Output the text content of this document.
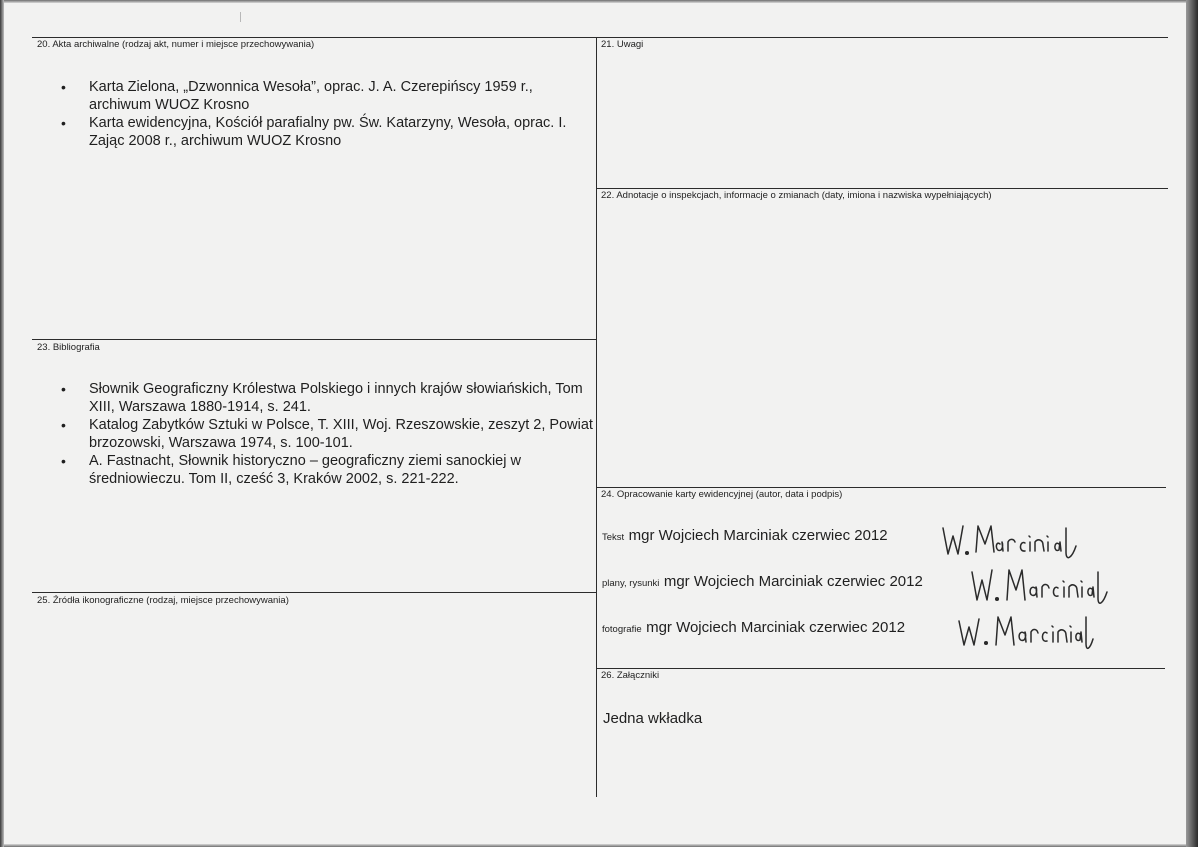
20. Akta archiwalne (rodzaj akt, numer i miejsce przechowywania)
• Karta Zielona, „Dzwonnica Wesoła”, oprac. J. A. Czerepińscy 1959 r., archiwum WUOZ Krosno
• Karta ewidencyjna, Kościół parafialny pw. Św. Katarzyny, Wesoła, oprac. I. Zając 2008 r., archiwum WUOZ Krosno
21. Uwagi
22. Adnotacje o inspekcjach, informacje o zmianach (daty, imiona i nazwiska wypełniających)
23. Bibliografia
• Słownik Geograficzny Królestwa Polskiego i innych krajów słowiańskich, Tom XIII, Warszawa 1880-1914, s. 241.
• Katalog Zabytków Sztuki w Polsce, T. XIII, Woj. Rzeszowskie, zeszyt 2, Powiat brzozowski, Warszawa 1974, s. 100-101.
• A. Fastnacht, Słownik historyczno – geograficzny ziemi sanockiej w średniowieczu. Tom II, cześć 3, Kraków 2002, s. 221-222.
24. Opracowanie karty ewidencyjnej (autor, data i podpis)
Tekst mgr Wojciech Marciniak czerwiec 2012
plany, rysunki mgr Wojciech Marciniak czerwiec 2012
fotografie mgr Wojciech Marciniak czerwiec 2012
25. Źródła ikonograficzne (rodzaj, miejsce przechowywania)
26. Załączniki
Jedna wkładka
